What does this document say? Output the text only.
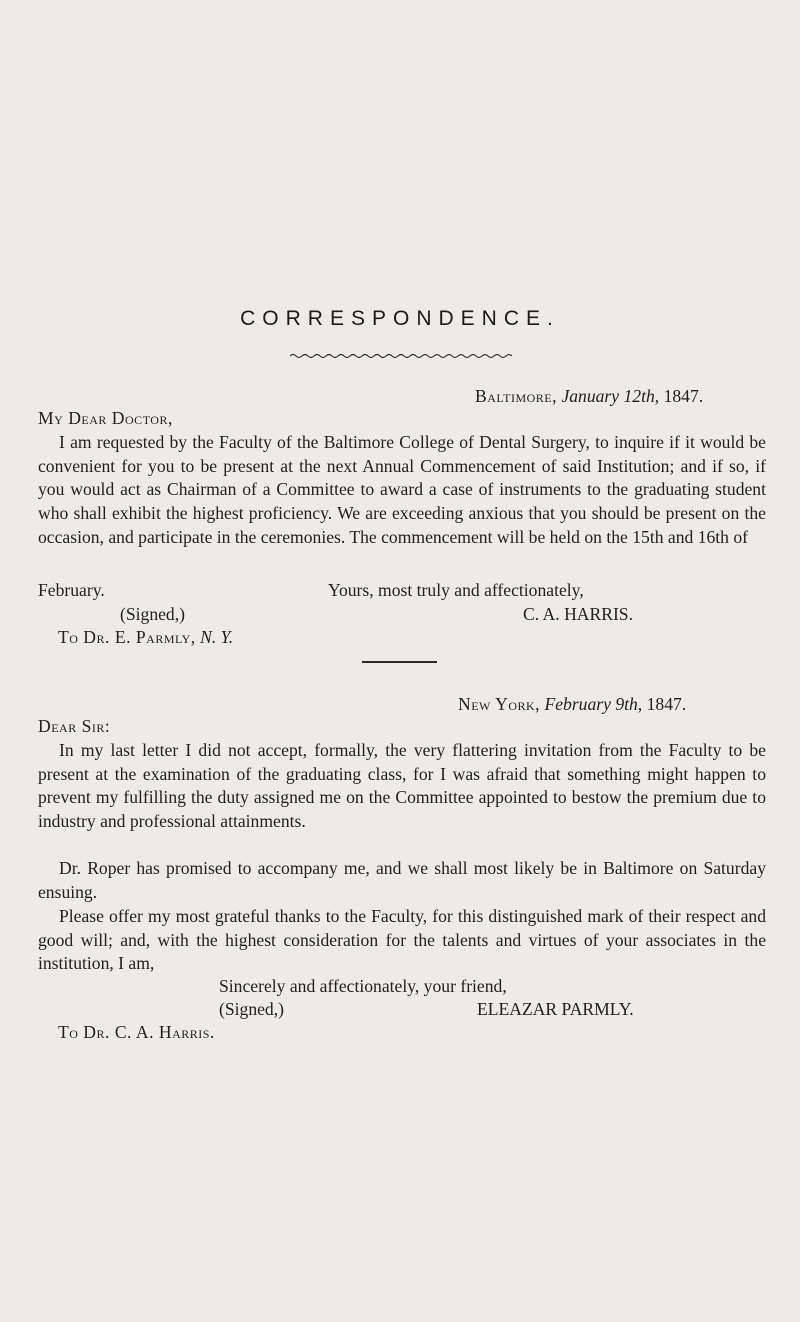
CORRESPONDENCE.
Baltimore, January 12th, 1847.
My Dear Doctor,
I am requested by the Faculty of the Baltimore College of Dental Surgery, to inquire if it would be convenient for you to be present at the next Annual Commencement of said Institution; and if so, if you would act as Chairman of a Committee to award a case of instruments to the graduating student who shall exhibit the highest proficiency. We are exceeding anxious that you should be present on the occasion, and participate in the ceremonies. The commencement will be held on the 15th and 16th of
February.	Yours, most truly and affectionately,
(Signed,)	C. A. HARRIS.
To Dr. E. Parmly, N. Y.
New York, February 9th, 1847.
Dear Sir:
In my last letter I did not accept, formally, the very flattering invitation from the Faculty to be present at the examination of the graduating class, for I was afraid that something might happen to prevent my fulfilling the duty assigned me on the Committee appointed to bestow the premium due to industry and professional attainments.
Dr. Roper has promised to accompany me, and we shall most likely be in Baltimore on Saturday ensuing.
Please offer my most grateful thanks to the Faculty, for this distinguished mark of their respect and good will; and, with the highest consideration for the talents and virtues of your associates in the institution, I am,
Sincerely and affectionately, your friend,
(Signed,)	ELEAZAR PARMLY.
To Dr. C. A. Harris.
